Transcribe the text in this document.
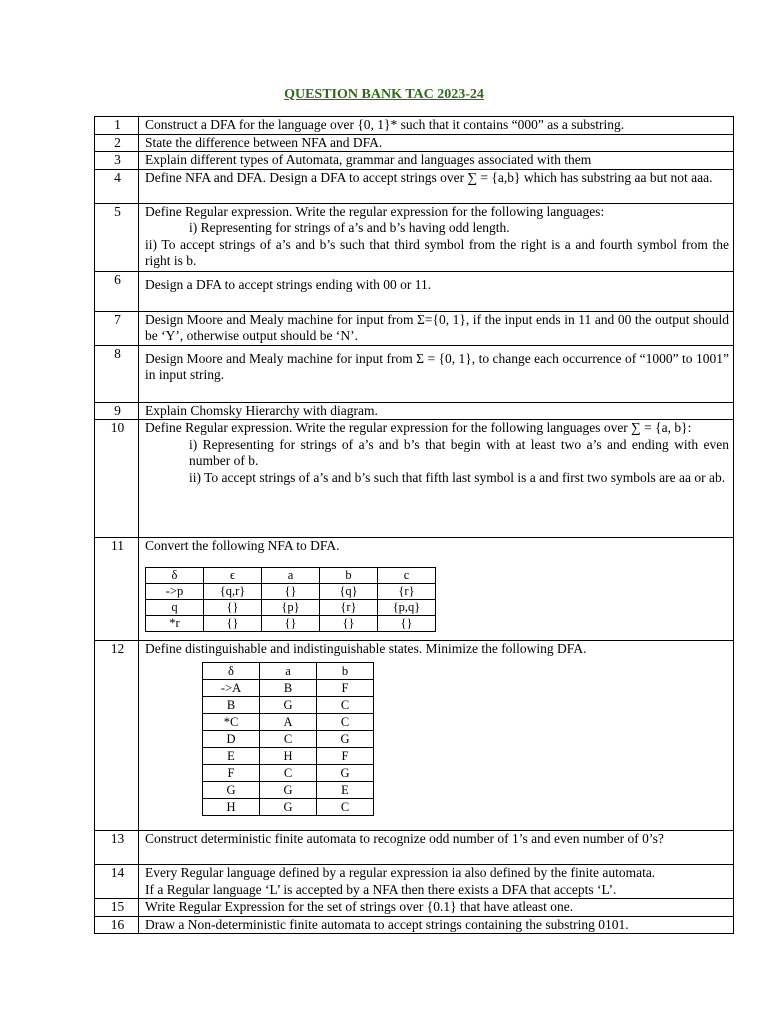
QUESTION BANK TAC 2023-24
1	Construct a DFA for the language over {0, 1}* such that it contains “000” as a substring.
2	State the difference between NFA and DFA.
3	Explain different types of Automata, grammar and languages associated with them
4	Define NFA and DFA. Design a DFA to accept strings over ∑ = {a,b} which has substring aa but not aaa.
5	Define Regular expression. Write the regular expression for the following languages:
i) Representing for strings of a’s and b’s having odd length.
ii) To accept strings of a’s and b’s such that third symbol from the right is a and fourth symbol from the right is b.

6	Design a DFA to accept strings ending with 00 or 11.

7	Design Moore and Mealy machine for input from Σ={0, 1}, if the input ends in 11 and 00 the output should be ‘Y’, otherwise output should be ‘N’.
8	Design Moore and Mealy machine for input from Σ = {0, 1}, to change each occurrence of “1000” to 1001” in input string.

9	Explain Chomsky Hierarchy with diagram.
10	Define Regular expression. Write the regular expression for the following languages over ∑ = {a, b}:
i) Representing for strings of a’s and b’s that begin with at least two a’s and ending with even number of b.
ii) To accept strings of a’s and b’s such that fifth last symbol is a and first two symbols are aa or ab.

11	Convert the following NFA to DFA.
δ	ϵ	a	b	c
->p	{q,r}	{}	{q}	{r}
q	{}	{p}	{r}	{p,q}
*r	{}	{}	{}	{}

12	Define distinguishable and indistinguishable states. Minimize the following DFA.
δ	a	b
->A	B	F
B	G	C
*C	A	C
D	C	G
E	H	F
F	C	G
G	G	E
H	G	C

13	Construct deterministic finite automata to recognize odd number of 1’s and even number of 0’s?
14	Every Regular language defined by a regular expression ia also defined by the finite automata.
If a Regular language ‘L’ is accepted by a NFA then there exists a DFA that accepts ‘L’.

15	Write Regular Expression for the set of strings over {0.1} that have atleast one.
16	Draw a Non-deterministic finite automata to accept strings containing the substring 0101.
